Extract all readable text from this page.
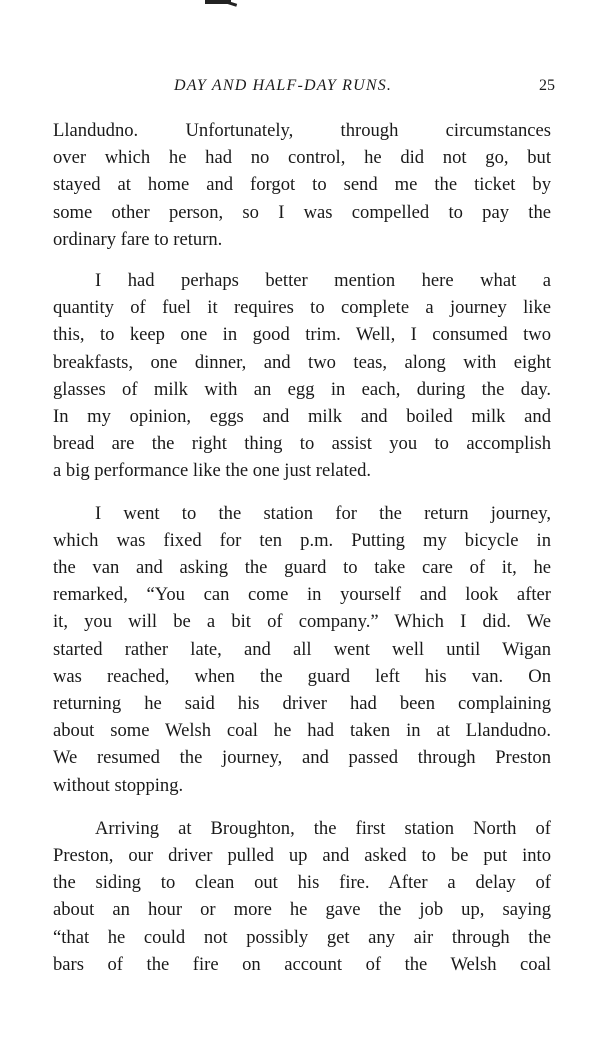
DAY AND HALF-DAY RUNS.	25

Llandudno. Unfortunately, through circumstances
over which he had no control, he did not go, but
stayed at home and forgot to send me the ticket by
some other person, so I was compelled to pay the
ordinary fare to return.

I had perhaps better mention here what a
quantity of fuel it requires to complete a journey like
this, to keep one in good trim. Well, I consumed two
breakfasts, one dinner, and two teas, along with eight
glasses of milk with an egg in each, during the day.
In my opinion, eggs and milk and boiled milk and
bread are the right thing to assist you to accomplish
a big performance like the one just related.

I went to the station for the return journey,
which was fixed for ten p.m. Putting my bicycle in
the van and asking the guard to take care of it, he
remarked, “You can come in yourself and look after
it, you will be a bit of company.” Which I did. We
started rather late, and all went well until Wigan
was reached, when the guard left his van. On
returning he said his driver had been complaining
about some Welsh coal he had taken in at Llandudno.
We resumed the journey, and passed through Preston
without stopping.

Arriving at Broughton, the first station North of
Preston, our driver pulled up and asked to be put into
the siding to clean out his fire. After a delay of
about an hour or more he gave the job up, saying
“that he could not possibly get any air through the
bars of the fire on account of the Welsh coal
